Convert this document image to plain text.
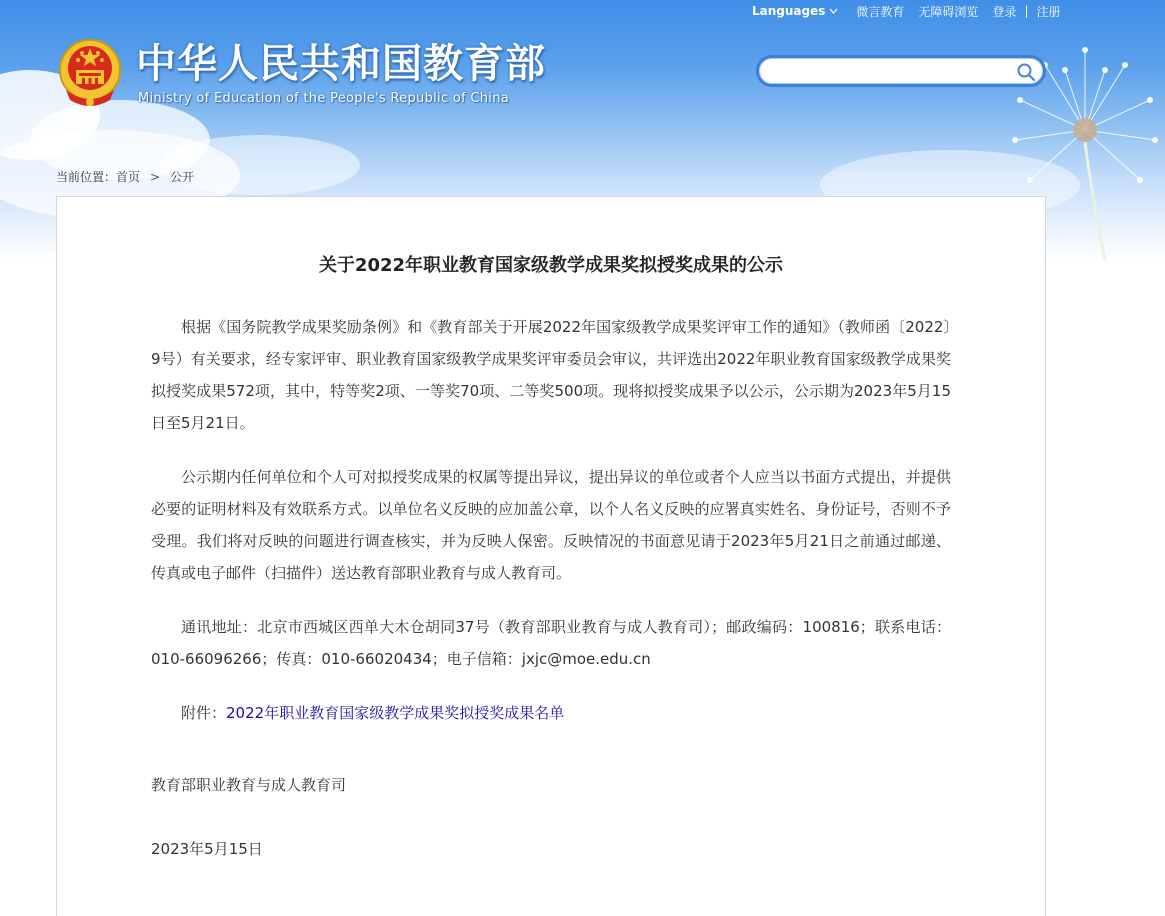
Languages	微言教育 无障碍浏览 登录 | 注册
中华人民共和国教育部
Ministry of Education of the People's Republic of China
当前位置： 首页 > 公开
关于2022年职业教育国家级教学成果奖拟授奖成果的公示

根据《国务院教学成果奖励条例》和《教育部关于开展2022年国家级教学成果奖评审工作的通知》（教师函〔2022〕9号）有关要求，经专家评审、职业教育国家级教学成果奖评审委员会审议，共评选出2022年职业教育国家级教学成果奖拟授奖成果572项，其中，特等奖2项、一等奖70项、二等奖500项。现将拟授奖成果予以公示，公示期为2023年5月15日至5月21日。

公示期内任何单位和个人可对拟授奖成果的权属等提出异议，提出异议的单位或者个人应当以书面方式提出，并提供必要的证明材料及有效联系方式。以单位名义反映的应加盖公章，以个人名义反映的应署真实姓名、身份证号，否则不予受理。我们将对反映的问题进行调查核实，并为反映人保密。反映情况的书面意见请于2023年5月21日之前通过邮递、传真或电子邮件（扫描件）送达教育部职业教育与成人教育司。

通讯地址：北京市西城区西单大木仓胡同37号（教育部职业教育与成人教育司）；邮政编码：100816；联系电话：010-66096266；传真：010-66020434；电子信箱：jxjc@moe.edu.cn

附件：2022年职业教育国家级教学成果奖拟授奖成果名单

教育部职业教育与成人教育司

2023年5月15日
